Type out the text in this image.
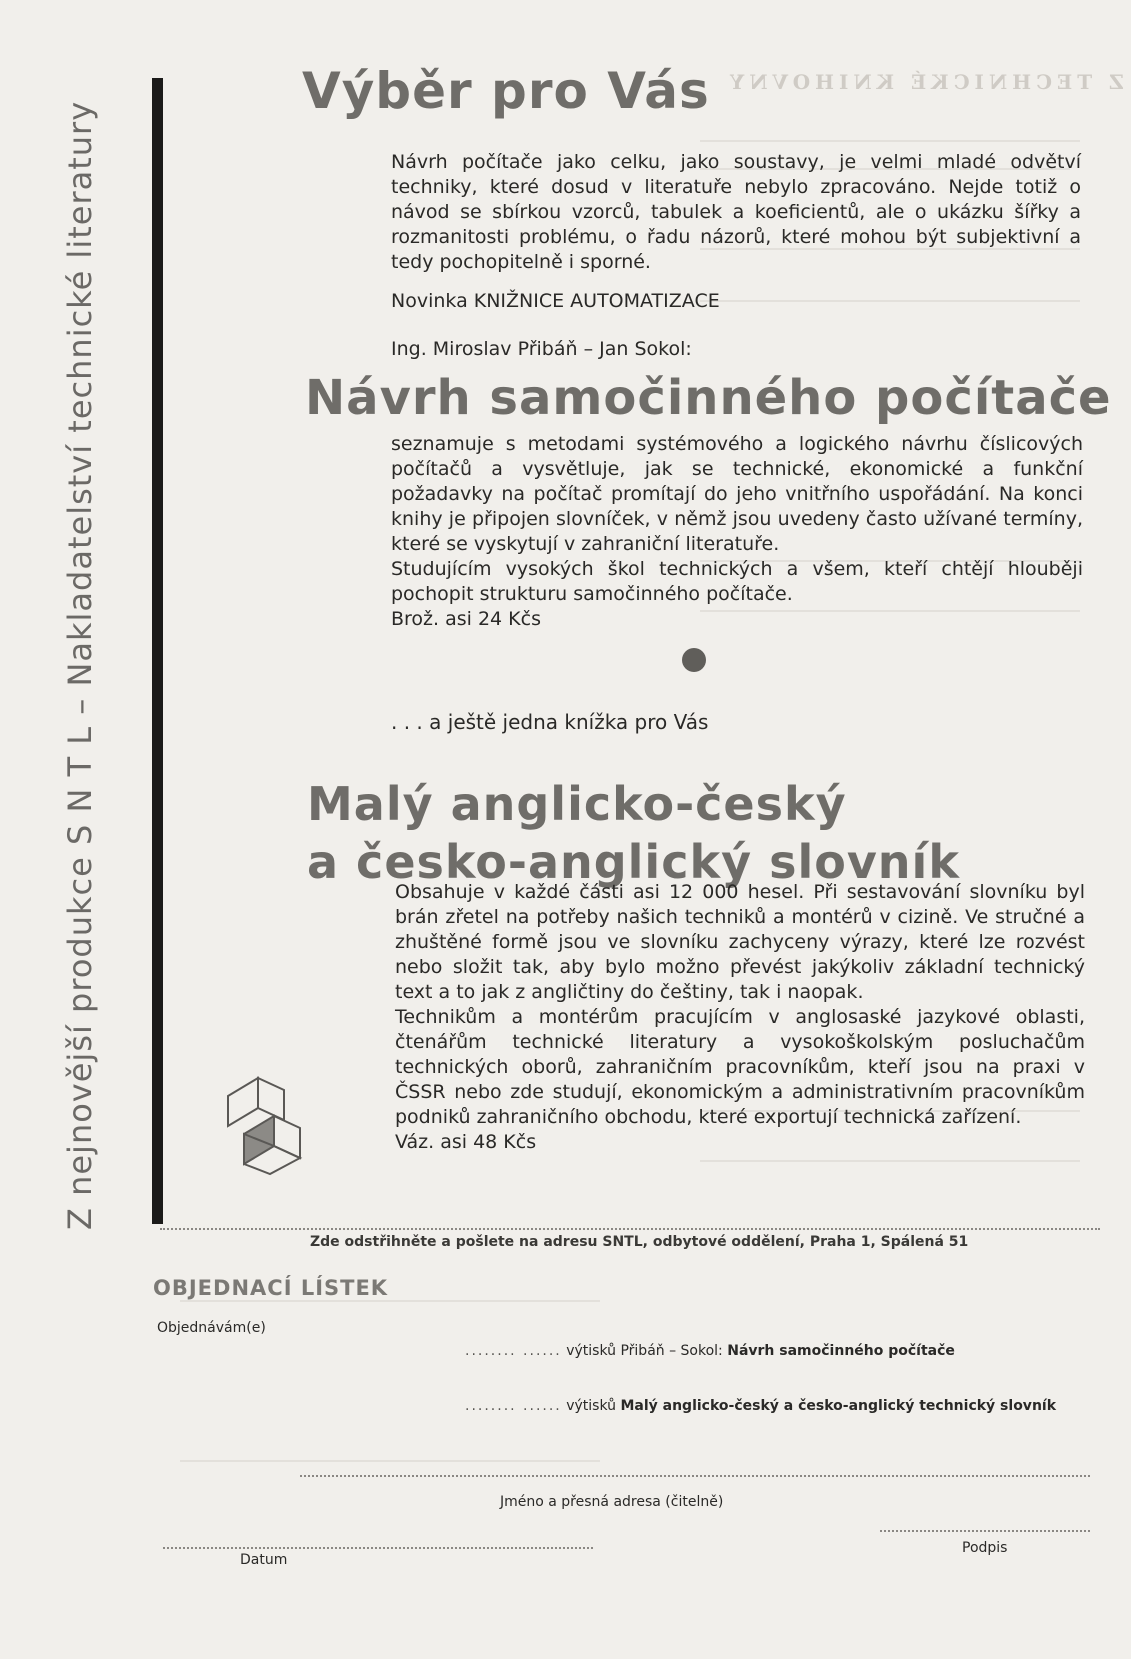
Z TECHNICKÉ KNIHOVNY
Z nejnovější produkce S N T L – Nakladatelství technické literatury
Výběr pro Vás

Návrh počítače jako celku, jako soustavy, je velmi mladé odvětví techniky, které dosud v literatuře nebylo zpracováno. Nejde totiž o návod se sbírkou vzorců, tabulek a koeficientů, ale o ukázku šířky a rozmanitosti problému, o řadu názorů, které mohou být subjektivní a tedy pochopitelně i sporné.

Novinka KNIŽNICE AUTOMATIZACE
Ing. Miroslav Přibáň – Jan Sokol:
Návrh samočinného počítače

seznamuje s metodami systémového a logického návrhu číslicových počítačů a vysvětluje, jak se technické, ekonomické a funkční požadavky na počítač promítají do jeho vnitřního uspořádání. Na konci knihy je připojen slovníček, v němž jsou uvedeny často užívané termíny, které se vyskytují v zahraniční literatuře.

Studujícím vysokých škol technických a všem, kteří chtějí hlouběji pochopit strukturu samočinného počítače.

Brož. asi 24 Kčs

. . . a ještě jedna knížka pro Vás
Malý anglicko-český
a česko-anglický slovník

Obsahuje v každé části asi 12 000 hesel. Při sestavování slovníku byl brán zřetel na potřeby našich techniků a montérů v cizině. Ve stručné a zhuštěné formě jsou ve slovníku zachyceny výrazy, které lze rozvést nebo složit tak, aby bylo možno převést jakýkoliv základní technický text a to jak z angličtiny do češtiny, tak i naopak.

Technikům a montérům pracujícím v anglosaské jazykové oblasti, čtenářům technické literatury a vysokoškolským posluchačům technických oborů, zahraničním pracovníkům, kteří jsou na praxi v ČSSR nebo zde studují, ekonomickým a administrativním pracovníkům podniků zahraničního obchodu, které exportují technická zařízení.

Váz. asi 48 Kčs

Zde odstřihněte a pošlete na adresu SNTL, odbytové oddělení, Praha 1, Spálená 51
OBJEDNACÍ LÍSTEK
Objednávám(e)
........ ...... výtisků Přibáň – Sokol: Návrh samočinného počítače
........ ...... výtisků Malý anglicko-český a česko-anglický technický slovník
Jméno a přesná adresa (čitelně)
Datum
Podpis
